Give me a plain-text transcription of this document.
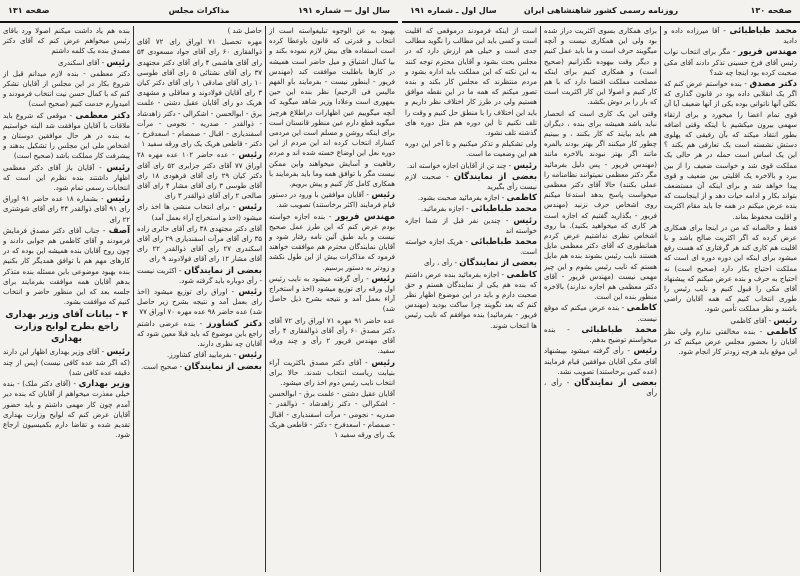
صفحه ۱۳۰
روزنامه رسمی کشور شاهنشاهی ایران
سال اول ـ شماره ۱۹۱

محمد طباطبائی - آقا میرزاده داده و دادید

مهندس فریور - مگر برای انتخاب نواب رئیس آقای فرخ حسینی تذکر دادند آقای مکی صحبت کرده بود اینجا چه شد؟

دکتر مصدق - بنده خواستم عرض کنم که اگر یک انقلابی داده بود در قانون گذاری که بکلی آنها ناتوانی بوده یکی از آنها ضعیف آیا آن قوی تمام اعضا را میخورد و برای ارتقاء سهمی بیرون میکشیم با اینکه وقتی اضافه بطور انتقاد میکند که بآن رفیقی که پهلوی دستش نشسته است یک تعارفی هم بکند ؟ این یک اساس است حمله در هر حالی یک مملکت قوی شد و خواست ضعیف را از بین ببرد و بالاخره یک اقلیتی بین ضعیف و قوی پیدا خواهد شد و برای اینکه آن مستضعف بتواند بکار و ادامه حیات دهد و از اینجاست که بنده عرض میکنم در همه جا باید مقام اکثریت و اقلیت محفوظ بماند.

فقط و خالصانه که من در اینجا برای همکاری عرض کرده که اگر اکثریت صالح باشد و با اقلیت هم کاری کند هر گرفتاری که هست رفع میشود برای اینکه این دوره دوره ای است که مملکت احتیاج بکار دارد (صحیح است) نه احتیاج به حرف و بنده عرض میکنم که پیشنهاد آقای مکی را قبول کنیم و نایب رئیس را طوری انتخاب کنیم که همه آقایان راضی باشند و نظر مملکت تأمین شود.

رئیس - آقای کاظمی

کاظمی - بنده مخالفتی ندارم ولی نظر آقایان را بحضور مجلس عرض میکنم که در این موقع باید هرچه زودتر کار انجام شود.

برای همکاری بسوی اکثریت دراز شده بود ولی این همکاری نیست و آنچه میگویند حرف است و ما باید عمل کنیم و دیگر وقت بیهوده نگذرانیم (صحیح است) و همکاری کنیم برای اینکه مصلحت مملکت اقتضا دارد که با هم کار کنیم و اصولا این کار اکثریت است که بار را بر دوش بکشد.

وقتی این یک کاری است که انحصار نباید باشد همیشه برای بنده ، دیگران هم باید بیایند که کار بکنند ، و ببینیم چطور کار میکنند اگر بهتر بودند بالمره مانند اگر بهتر نبودند بالاخره مانند (مهندس فریور - پس دلیل بفرمائید مگر دکتر معظمی نمیتوانند نظامنامه را عملی بکنند) حالا آقای دکتر معظمی میخواست پاسخ بدهد استدعا میکنم روی اشخاص حرف نزنید (مهندس فریور - بگذارید گفتیم که اجازه است هر کاری که میخواهید بکنید). ما روی اشخاص نظری نداشتیم عرض کردم همانطوری که آقای دکتر معظمی مایل هستند نایب رئیس بشوند بنده هم مایل هستم که نایب رئیس بشوم و این چیز مهمی نیست (مهندس فریور - آقای دکتر معظمی هم اجازه ندارند) بالاخره منظور بنده این است.

کاظمی - بنده عرض میکنم که موقع نیست.

محمد طباطبائی - بنده میخواستم توضیح بدهم.

رئیس - رأی گرفته میشود بپیشنهاد آقای مکی آقایان موافقین قیام فرمایند (عده کمی برخاستند) تصویب نشد.

بعضی از نمایندگان - رأی ، رأی

است از اینکه فرمودند درموقعی که اقلیت است و کسی باید این مطالب را نگوید مطالب جدی است و خیلی هم ارزش دارد که در مجلس بحث بشود و آقایان محترم توجه کنند به این نکته که این مملکت باید اداره بشود و مردم منتظرند که مجلس کار بکند و بنده تصور میکنم که همه ما در این نقطه موافق هستیم ولی در طرز کار اختلاف نظر داریم و باید این اختلاف را با منطق حل کنیم و وقت را تلف نکنیم تا این دوره هم مثل دوره های گذشته تلف نشود.

ولی تشکیلم و تذکر میکنیم و تا آخر این دوره هم این وضعیت ما است.

رئیس - چند تن از آقایان اجازه خواسته اند.

بعضی از نمایندگان - صحبت لازم نیست رأی بگیرید

کاظمی - اجازه بفرمائید صحبت بشود.

محمد طباطبائی - اجازه بفرمائید.

رئیس - چندین نفر قبل از شما اجازه خواسته اند

محمد طباطبائی - هریک اجازه خواسته است.

بعضی از نمایندگان - رأی ، رأی

کاظمی - اجازه بفرمائید بنده عرض داشتم که بنده هم یکی از نمایندگان هستم و حق صحبت دارم و باید در این موضوع اظهار نظر کنم که بعد نگویند چرا ساکت بودید (مهندس فریور - بفرمائید) بنده موافقم که نایب رئیس ها انتخاب شوند.

سال اول — شماره ۱۹۱
مذاکرات مجلس
صفحه ۱۳۱

بهبود به عن الوجوه تبلیغواسته است از انتخاب و قدرتی که قانون باوعطا کرده است استفاده های بیش لازم نموده بکند و بیا کمال اشتیاق و میل حاضر است همیشه در کارها باطلبت موافقت کند (مهندس فریور - اینطور نیست - بفرمایند باو الفهم مالیس فی الرحیم) نظر بنده این حین بمهوری است وعلادا وزیر شاهد میگوید که آنچه میگوییم عین اظهارات دراطلاع هرچیز میگوید قطع دارم عین منظور قانستان است برای اینکه روشن و مسلم است این مردمی کساراد انتخاب کرده اند این مردم از این دوره نعل این اوضاع خسته شده اند و مردم رفاهیت و آسایش میخواهند واین ممکن نیست مگر با توافق همه وما باید بفرمایند با همکاری کامل کار کنیم و پیش برویم.

رئیس - آقایان موافقین با ورود در دستور قیام فرمایند (اکثر برخاستند) تصویب شد.

مهندس فریور - بنده اجازه خواسته بودم عرض کنم که این طرز عمل صحیح نیست و باید طبق آئین نامه رفتار شود و آقایان نمایندگان محترم هم موافقت خواهند فرمود که مذاکرات بیش از این طول نکشد و زودتر به دستور برسیم.

رئیس - رأی گرفته میشود به نایب رئیس اول ورقه رای توزیع میشود (اخذ و استخراج آراء بعمل آمد و نتیجه بشرح ذیل حاصل شد)

عده حاضر ۹۱ مهره ۷۱ اوراق رای ۷۲ آقای دکتر مصدق ۶۰ رأی آقای ذوالفقاری ۴ رأی آقای مهندس فریور ۲ رأی و چند ورقه سفید.

رئیس - آقای دکتر مصدق باکثریت آراء بنیابت ریاست انتخاب شدند. حالا برای انتخاب نایب رئیس دوم اخذ رای میشود.

آقایان عقیل دشتی - علمت برق - ابوالحسن - اشکرالی - دکتر زاهدشاد - ذوالقدر - صدریه - نجومی - مرآت اسفندیاری - اقبال - صمصام - اسعدفرخ - دکتر - قاطعی هریک یک رای ورقه سفید ۱

حاصل شد )

مهره تحصیل ۷۱ اوراق رای ۷۲ آقای ذوالفقاری ۶۰ رای آقای جواد مسعودی ۵۴ رای آقای هاشمی ۴ رای آقای دکتر مجتهدی ۳۷ رای آقای نشتائی ۵ رای آقای طوسی ۱۰ رای آقای صادقی ۱ رای آقای دکتر کیان ۳ رای آقایان فولادوند و معاقلی و مشهدی هریک دو رای آقایان عقیل دشتی - علمت برق - ابوالحسن - اشکرالی - دکتر زاهدشاد - ذوالقدر - صدریه - نجومی - مرآت اسفندیاری - اقبال - صمصام - اسعدفرخ - دکتر - قاطعی هریک یک رای ورقه سفید ۱

رئیس - عده حاضر ۱۰۲ عده مهره ۲۸ اوراق ۷۷ آقای دکتر جزایری ۵۲ رای آقای دکتر کیان ۲۹ رای آقای فرهودی ۱۸ رای آقای طوسی ۳ رای آقای مشار ۴ رای آقای صالحی ۲ رای آقای ذوالقدر ۳ رای

رئیس - برای انتخاب منشی ها اخذ رای میشود (اخذ و استخراج آراء بعمل آمد)

آقای دکتر مجتهدی ۳۸ رای آقای حائری زاده ۳۵ رای آقای مرآت اسفندیاری ۲۹ رای آقای اسکندری ۲۷ رای آقای ذوالقدر ۲۲ رای آقای مشار ۱۲ رای آقای فولادوند ۹ رای

بعضی از نمایندگان - اکثریت نیست - رأی دوباره باید گرفته شود.

رئیس - اوراق رای توزیع میشود (اخذ رای بعمل آمد و نتیجه بشرح زیر حاصل شد) عده حاضر ۹۸ عده مهره ۷۰ اوراق ۷۷

دکتر کشاورز - بنده عرضی داشتم راجع باین موضوع که باید قبلا معین شود که آقایان چه نظری دارند.

رئیس - بفرمایید آقای کشاورز.

بعضی از نمایندگان - صحیح است.

بنده هم یاد داشت میکنم اصولا ورد باقای رئیس میخواهم عرض کنم که آقای دکتر مصدق بنده یک کلمه داشتم

رئیس - آقای اسکندری

دکتر معظمی - بنده لازم میدانم قبل از شروع بکار در این مجلس از آقایان تشکر کنم که با کمال حسن نیت انتخاب فرمودند و امیدوارم خدمت کنیم (صحیح است)

دکتر معظمی - موقعی که شروع باید ملاقات با آقایان موافقت شد البته خواستیم به بنده در هر حال موافقین دوستان و اشخاص ملی این مجلس را تشکیل بدهند و پیشرفت کار مملکت باشد (صحیح است)

رئیس - آقایان باز آقای دکتر معظمی اظهار داشتند بنده نظرم این است که انتخابات رسمی تمام شود.

رئیس - بشماره ۱۸ عده حاضر ۹۱ اوراق رای ۹۱ آقای ذوالقدر ۴۴ رای آقای شوشتری ۲۲ رای

آصف - جناب آقای دکتر مصدق فرمایش فرمودند و آقای کاظمی هم جوابی دادند و چون روح آقایان بنده همیشه این بوده که در کارهای مهم هم با توافق همدیگر کار بکنیم بنده بهبود موضوعی باین مسئله بنده متذکر بدهم آقایان همه موافقت بفرمایند برای جلسه بعد که این منظور حاضر و انتخاب کنیم که موافقت بشود.

۴ - بیانات آقای وزیر بهداری راجع بطرح لوایح وزارت بهداری

رئیس - آقای وزیر بهداری اظهار این دارند (که اگر شد عده کافی نیست) (پس از چند دقیقه عده کافی شد)

وزیر بهداری - (آقای دکتر ملک) - بنده خیلی معذرت میخواهم از آقایان که بنده دیر آمدم چون کار مهمی داشتم و باید حضور آقایان عرض کنم که لوایح وزارت بهداری تقدیم شده و تقاضا دارم بکمیسیون ارجاع شود.
